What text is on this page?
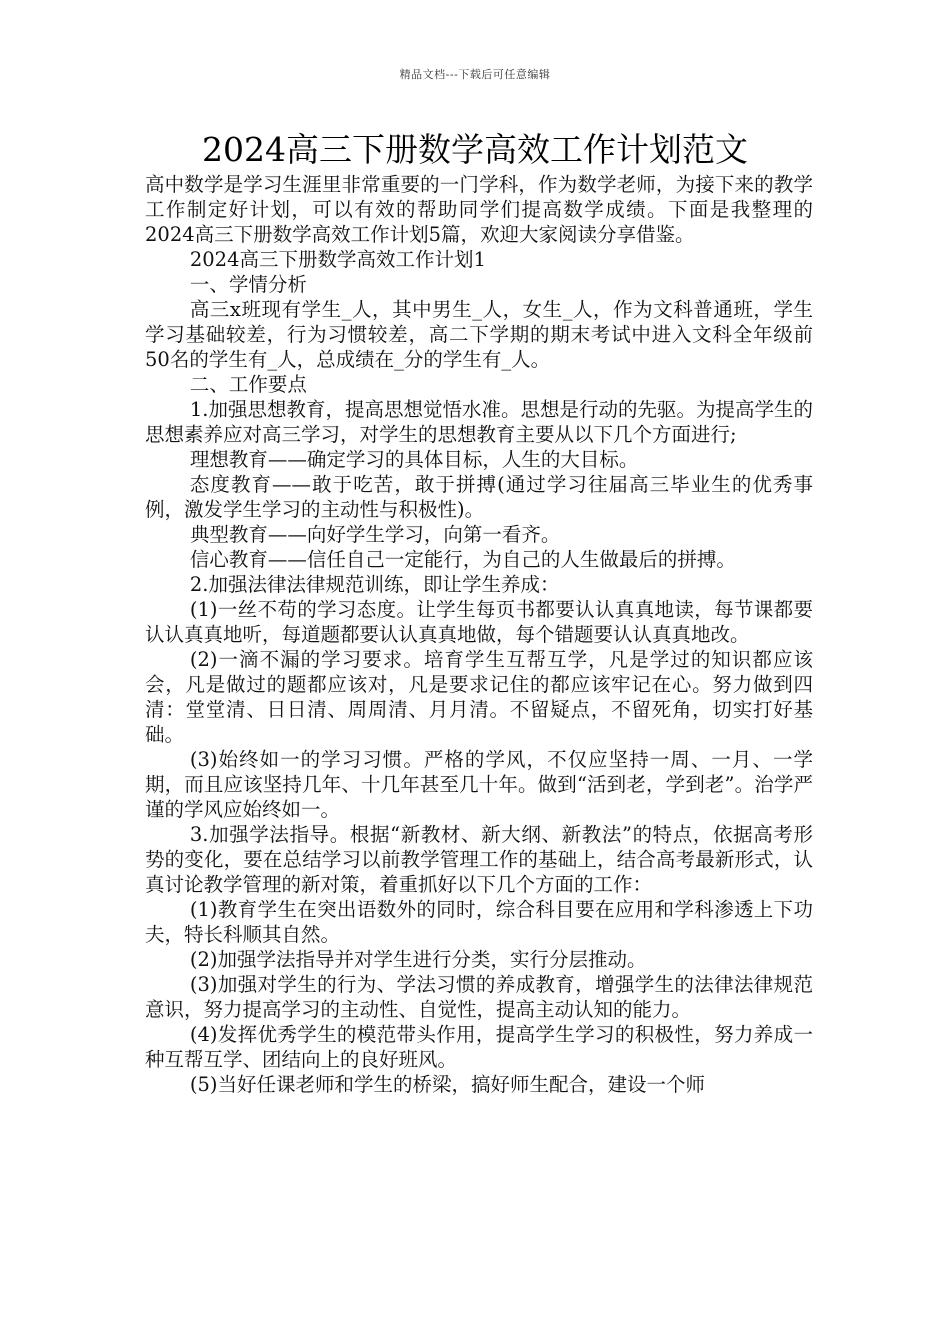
精品文档---下载后可任意编辑
2024高三下册数学高效工作计划范文

高中数学是学习生涯里非常重要的一门学科，作为数学老师，为接下来的教学工作制定好计划，可以有效的帮助同学们提高数学成绩。下面是我整理的2024高三下册数学高效工作计划5篇，欢迎大家阅读分享借鉴。

2024高三下册数学高效工作计划1

一、学情分析

高三x班现有学生_人，其中男生_人，女生_人，作为文科普通班，学生学习基础较差，行为习惯较差，高二下学期的期末考试中进入文科全年级前50名的学生有_人，总成绩在_分的学生有_人。

二、工作要点

1.加强思想教育，提高思想觉悟水准。思想是行动的先驱。为提高学生的思想素养应对高三学习，对学生的思想教育主要从以下几个方面进行;

理想教育——确定学习的具体目标，人生的大目标。

态度教育——敢于吃苦，敢于拼搏(通过学习往届高三毕业生的优秀事例，激发学生学习的主动性与积极性)。

典型教育——向好学生学习，向第一看齐。

信心教育——信任自己一定能行，为自己的人生做最后的拼搏。

2.加强法律法律规范训练，即让学生养成：

(1)一丝不苟的学习态度。让学生每页书都要认认真真地读，每节课都要认认真真地听，每道题都要认认真真地做，每个错题要认认真真地改。

(2)一滴不漏的学习要求。培育学生互帮互学，凡是学过的知识都应该会，凡是做过的题都应该对，凡是要求记住的都应该牢记在心。努力做到四清：堂堂清、日日清、周周清、月月清。不留疑点，不留死角，切实打好基础。

(3)始终如一的学习习惯。严格的学风，不仅应坚持一周、一月、一学期，而且应该坚持几年、十几年甚至几十年。做到“活到老，学到老”。治学严谨的学风应始终如一。

3.加强学法指导。根据“新教材、新大纲、新教法”的特点，依据高考形势的变化，要在总结学习以前教学管理工作的基础上，结合高考最新形式，认真讨论教学管理的新对策，着重抓好以下几个方面的工作：

(1)教育学生在突出语数外的同时，综合科目要在应用和学科渗透上下功夫，特长科顺其自然。

(2)加强学法指导并对学生进行分类，实行分层推动。

(3)加强对学生的行为、学法习惯的养成教育，增强学生的法律法律规范意识，努力提高学习的主动性、自觉性，提高主动认知的能力。

(4)发挥优秀学生的模范带头作用，提高学生学习的积极性，努力养成一种互帮互学、团结向上的良好班风。

(5)当好任课老师和学生的桥梁，搞好师生配合，建设一个师
